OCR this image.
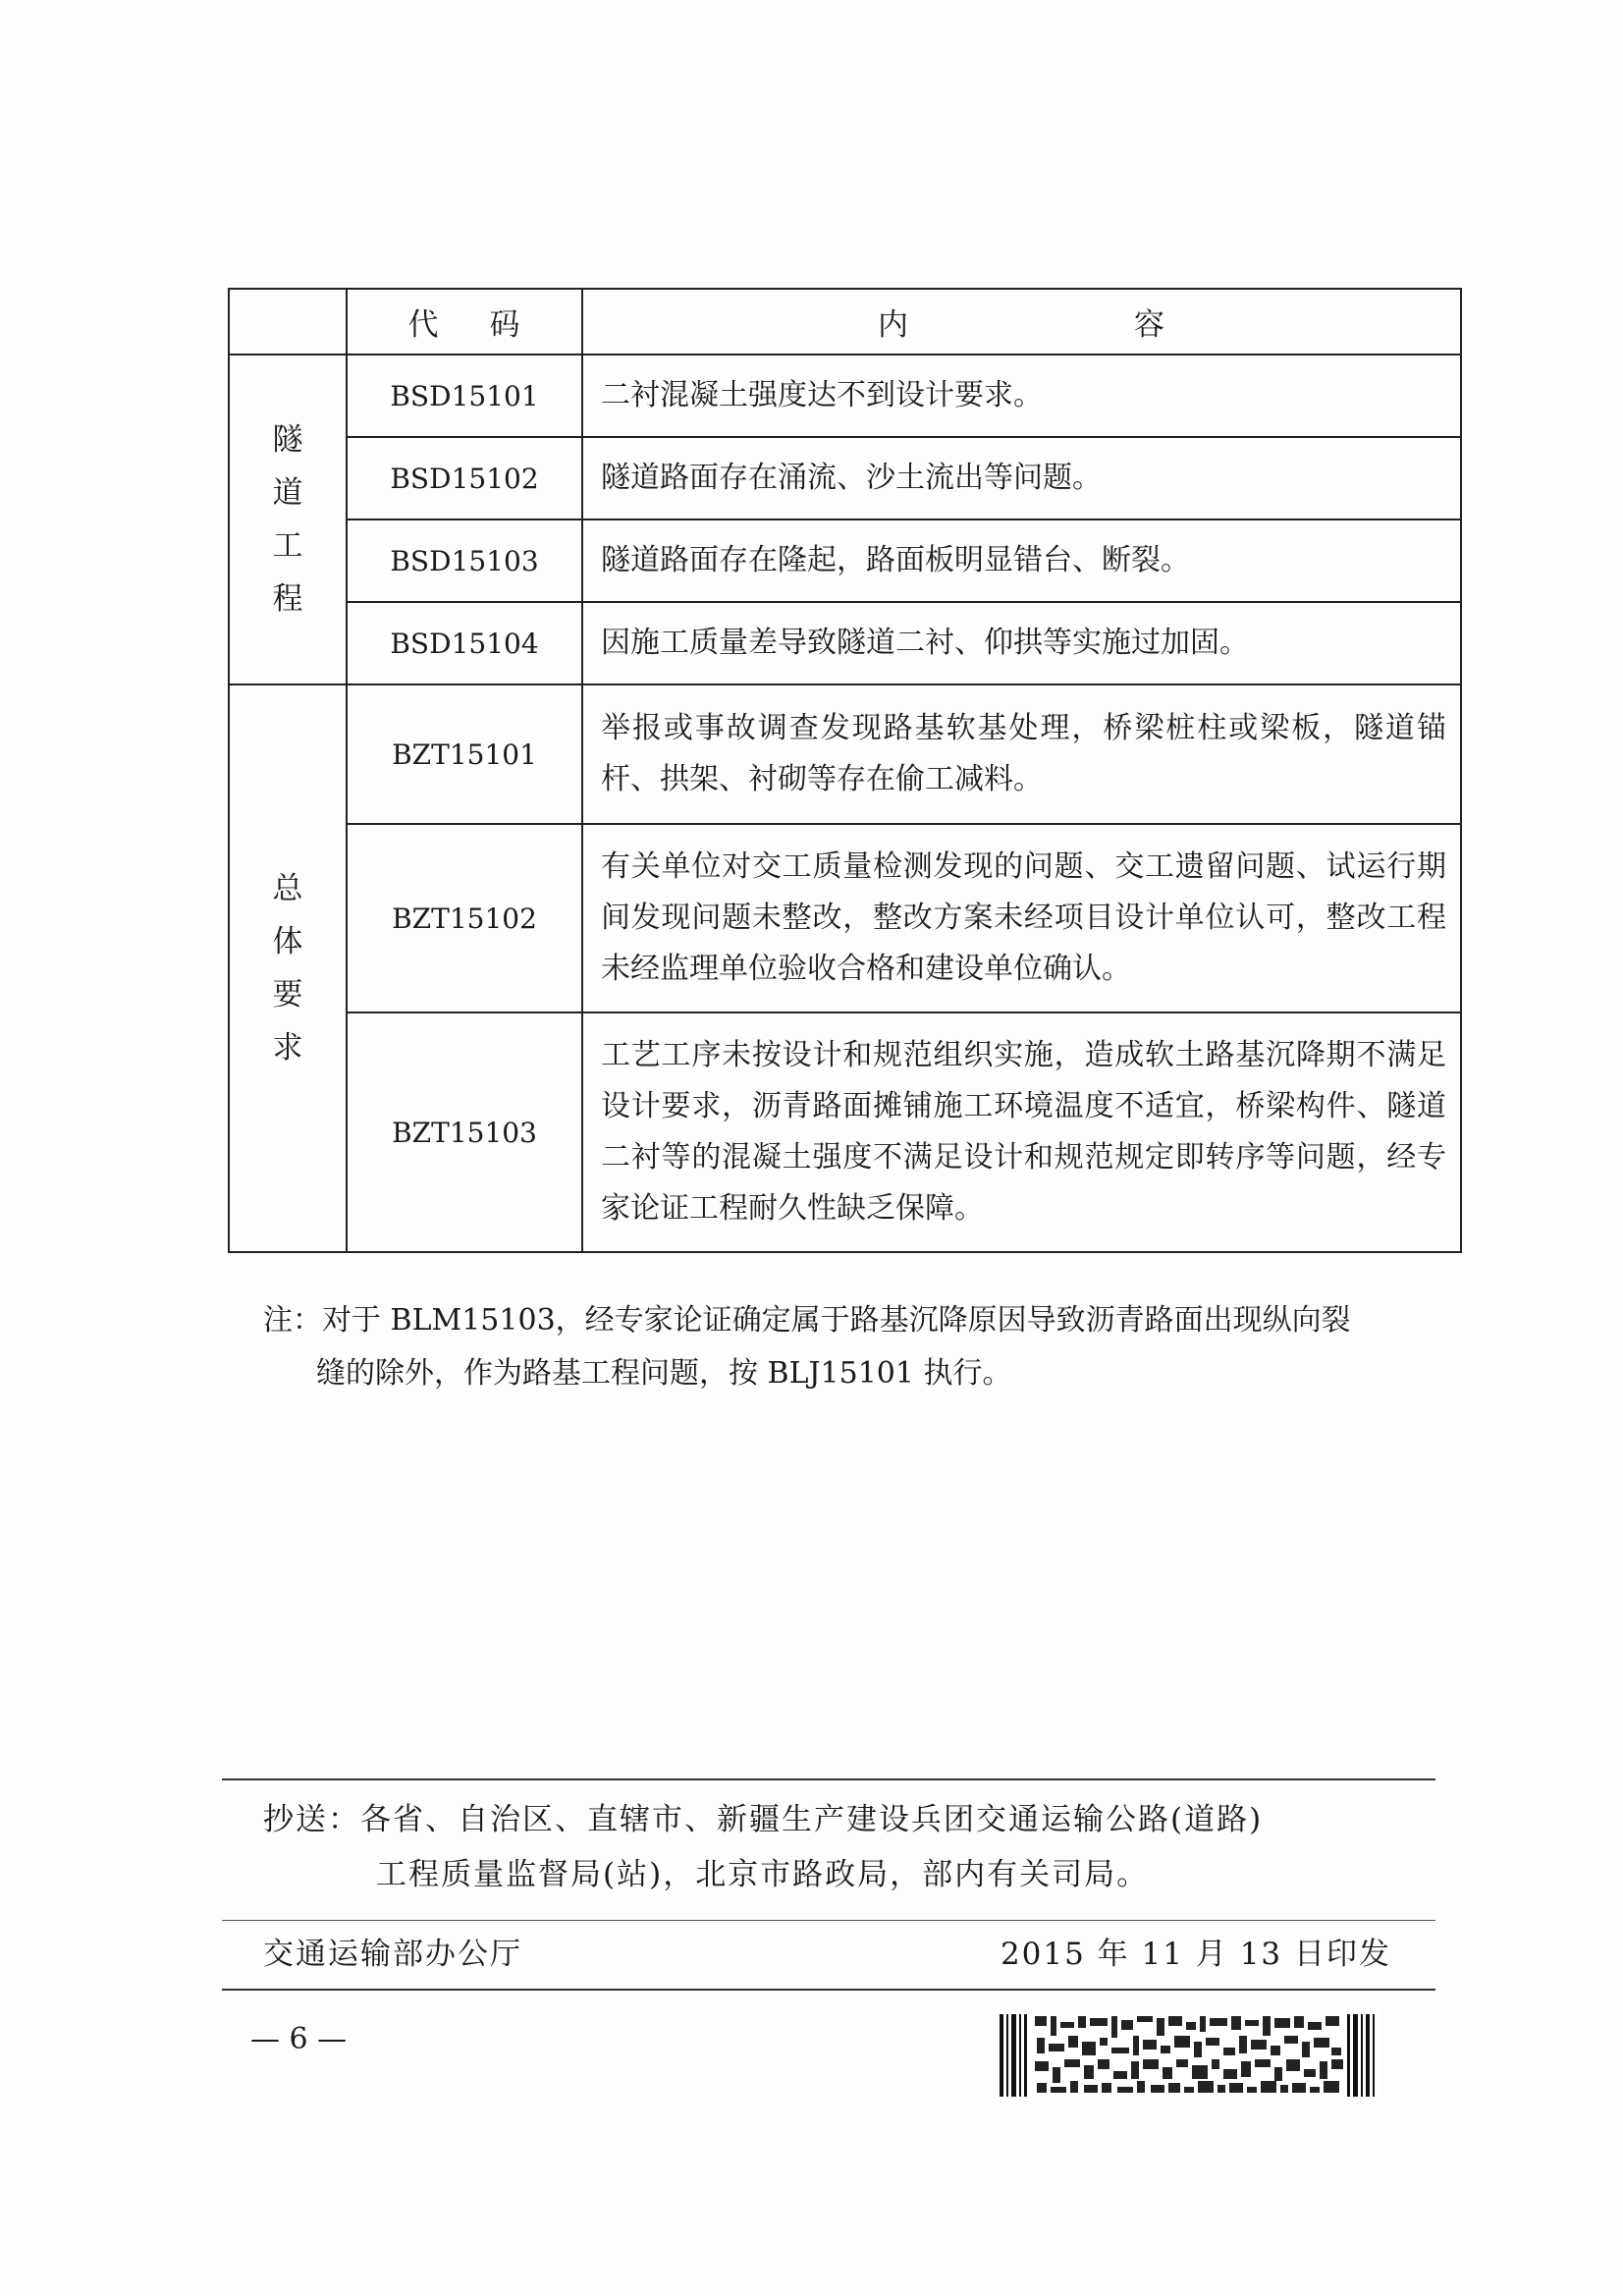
	代码	内容

隧
道
工
程	BSD15101	二衬混凝土强度达不到设计要求。
	BSD15102	隧道路面存在涌流、沙土流出等问题。
	BSD15103	隧道路面存在隆起，路面板明显错台、断裂。
	BSD15104	因施工质量差导致隧道二衬、仰拱等实施过加固。

总
体
要
求	BZT15101	举报或事故调查发现路基软基处理，桥梁桩柱或梁板，隧道锚杆、拱架、衬砌等存在偷工减料。
	BZT15102	有关单位对交工质量检测发现的问题、交工遗留问题、试运行期间发现问题未整改，整改方案未经项目设计单位认可，整改工程未经监理单位验收合格和建设单位确认。
	BZT15103	工艺工序未按设计和规范组织实施，造成软土路基沉降期不满足设计要求，沥青路面摊铺施工环境温度不适宜，桥梁构件、隧道二衬等的混凝土强度不满足设计和规范规定即转序等问题，经专家论证工程耐久性缺乏保障。
注：对于 BLM15103，经专家论证确定属于路基沉降原因导致沥青路面出现纵向裂
缝的除外，作为路基工程问题，按 BLJ15101 执行。
抄送：各省、自治区、直辖市、新疆生产建设兵团交通运输公路(道路)
工程质量监督局(站)，北京市路政局，部内有关司局。
交通运输部办公厅	2015 年 11 月 13 日印发
— 6 —
